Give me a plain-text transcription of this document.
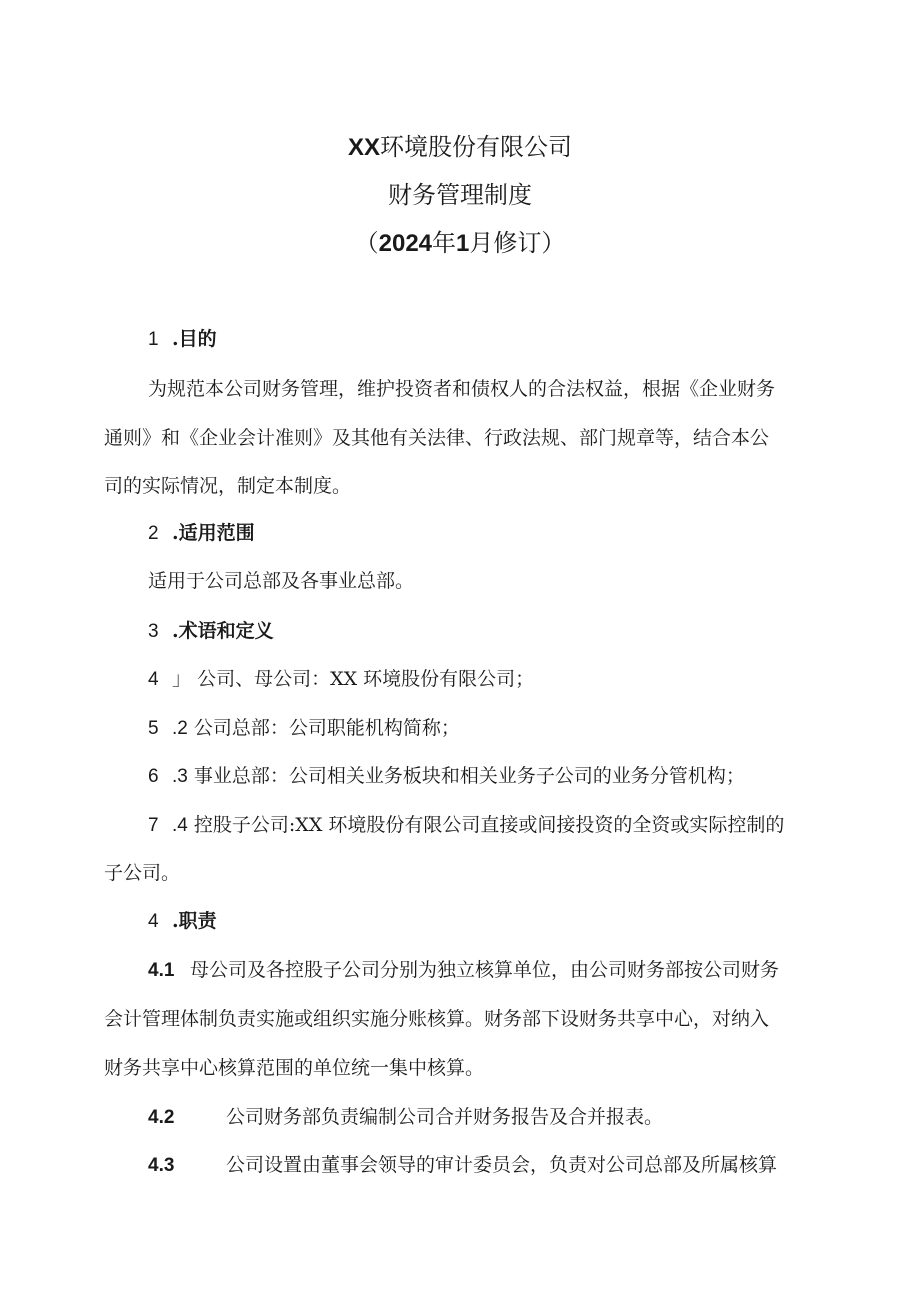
XX环境股份有限公司
财务管理制度
（2024年1月修订）
1 .目的
为规范本公司财务管理，维护投资者和债权人的合法权益，根据《企业财务
通则》和《企业会计准则》及其他有关法律、行政法规、部门规章等，结合本公
司的实际情况，制定本制度。
2 .适用范围
适用于公司总部及各事业总部。
3 .术语和定义
4 」 公司、母公司：XX 环境股份有限公司；
5 .2 公司总部：公司职能机构简称；
6 .3 事业总部：公司相关业务板块和相关业务子公司的业务分管机构；
7 .4 控股子公司:XX 环境股份有限公司直接或间接投资的全资或实际控制的
子公司。
4 .职责
4.1 母公司及各控股子公司分别为独立核算单位，由公司财务部按公司财务
会计管理体制负责实施或组织实施分账核算。财务部下设财务共享中心，对纳入
财务共享中心核算范围的单位统一集中核算。
4.2	公司财务部负责编制公司合并财务报告及合并报表。
4.3	公司设置由董事会领导的审计委员会，负责对公司总部及所属核算
